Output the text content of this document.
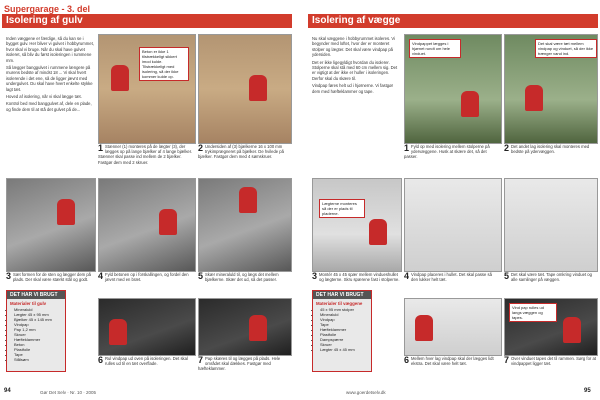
Supergarage - 3. del
Isolering af gulv

Inden væggene er færdige, så du kan se i bygget gulv. Her bliver vi gulvet i hobbyrummet, hvor skal vi bruge. Når du skal have gulvet isoleret, så bliv du først isoleringen i rummene mm.

Så lægger banggulvet i rummene længere på murens bedste af mindst 18 ... Vi skal hvert isolerende i det ene, så de ligger jævnt med undergulvet. Du skal have hvert enkelte stykke lagt tæt.

Hoved af isolering, når vi skal lægge tæt.

Kontrol bed med banggulvet af, dele en plade, og finde dem til at stå det gulvet på de...

Beton er ikke 1 tilstrækkeligt sikkert imod kulde. Tilstrækkeligt med isolering, så der ikke kommer kulde op.
1 Stænner (1) monteres på de lægter (3), der lægges op på lange bjælker af 4 lange bjælker. Stænner skal passe ind mellem de 2 bjælker. Fastgør dem med 2 skruer.
2 Undersiden af (3) bjælkerne 16 x 100 mm trykimprægneret på bjælker. De hvilede på bjælker. Fastgør dem med 4 sømskruer.
3 Sæt formen for de sten og lægger dem på plads. Der skal være stærkt stål og godt.	4 Fyld betonen op i forskallingen, og fordel den jævnt med en bræt.	5 Skær mineraluld til, og lægs det mellem bjælkerne. Skær det ud, så det passer.
DET HAR VI BRUGT
Materialer til gulv
• Mineraluld
• Lægter 45 x 95 mm
• Bjælker 45 x 145 mm
• Vindpap
• Pap 1,2 mm
• Skruer
• Hæfteklammer
• Beton
• Plastfolie
• Tape
• Stålsøm	6 Rul vindpap ud oven på isoleringen. Det skal rulles ud til en tæt overflade.	7 Pap skæres til og lægges på plads. Hele området skal dækkes. Fastgør med hæfteklammer.
Isolering af vægge

Nu skal væggene i hobbyrummet isoleres. Vi begynder med loftet, hvor der er monteret stolper og lægter. Det skal være vindpap på ydersiden.

Det er ikke ligegyldigt hvordan du isolerer. Stolperne skal stå med 60 cm mellem sig. Det er vigtigt at der ikke er huller i isoleringen. Derfor skal du skære til.

Vindpap føres helt ud i hjørnerne. Vi fastgør dem med hæfteklammer og tape.

Vindpappet lægges i hjørnet rundt om hele vinduet.
Det skal være tæt mellem vindpap og vinduet, så der ikke trænger vand ind.
1 Fyld op med isolering mellem stolperne på ydervæggene. Husk at skære det, så det passer.
2 Det andet lag isolering skal monteres med bedste på ydervæggen.
Lægterne monteres så der er plads til pladerne.
3 Montér 45 x 45 spær mellem vindueshullet og lægterne. Skru spærene fast i stolperne. 4 Vindpap placeres i hullet. Det skal passe så den lukker helt tæt.	5 Det skal være tæt. Tape omkring vinduet og alle samlinger på væggen.
DET HAR VI BRUGT
Materialer til væggene
• 45 x 95 mm stolper
• Mineraluld
• Vindpap
• Tape
• Hæfteklammer
• Plastfolie
• Dampspærre
• Skruer
• Lægter 45 x 45 mm
Vind pap rulles ud langs væggen og tapes.
6 Mellem hver lag vindpap skal der lægges lidt ekstra. Det skal være helt tæt.	7 Over vinduet tapes det til rammen. Sørg for at vindpappet ligger tæt.
94	Gør Det Selv · Nr. 10 · 2005	www.goerdetselv.dk	95
